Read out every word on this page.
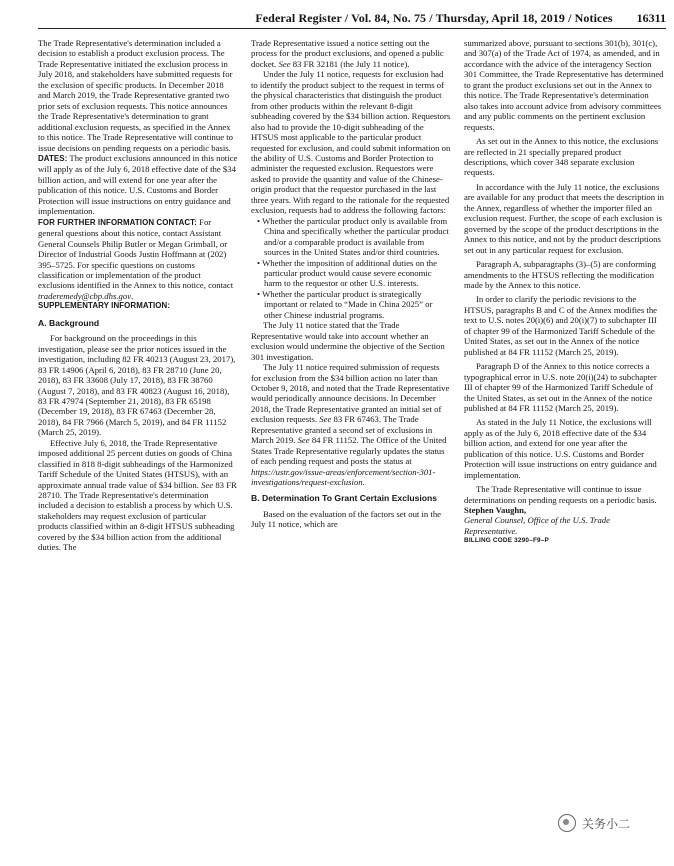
Federal Register / Vol. 84, No. 75 / Thursday, April 18, 2019 / Notices 16311

The Trade Representative's determination included a decision to establish a product exclusion process. The Trade Representative initiated the exclusion process in July 2018, and stakeholders have submitted requests for the exclusion of specific products. In December 2018 and March 2019, the Trade Representative granted two prior sets of exclusion requests. This notice announces the Trade Representative's determination to grant additional exclusion requests, as specified in the Annex to this notice. The Trade Representative will continue to issue decisions on pending requests on a periodic basis.

DATES: The product exclusions announced in this notice will apply as of the July 6, 2018 effective date of the $34 billion action, and will extend for one year after the publication of this notice. U.S. Customs and Border Protection will issue instructions on entry guidance and implementation.

FOR FURTHER INFORMATION CONTACT: For general questions about this notice, contact Assistant General Counsels Philip Butler or Megan Grimball, or Director of Industrial Goods Justin Hoffmann at (202) 395–5725. For specific questions on customs classification or implementation of the product exclusions identified in the Annex to this notice, contact traderemedy@cbp.dhs.gov.

SUPPLEMENTARY INFORMATION:

A. Background

For background on the proceedings in this investigation, please see the prior notices issued in the investigation, including 82 FR 40213 (August 23, 2017), 83 FR 14906 (April 6, 2018), 83 FR 28710 (June 20, 2018), 83 FR 33608 (July 17, 2018), 83 FR 38760 (August 7, 2018), and 83 FR 40823 (August 16, 2018), 83 FR 47974 (September 21, 2018), 83 FR 65198 (December 19, 2018), 83 FR 67463 (December 28, 2018), 84 FR 7966 (March 5, 2019), and 84 FR 11152 (March 25, 2019).

Effective July 6, 2018, the Trade Representative imposed additional 25 percent duties on goods of China classified in 818 8-digit subheadings of the Harmonized Tariff Schedule of the United States (HTSUS), with an approximate annual trade value of $34 billion. See 83 FR 28710. The Trade Representative's determination included a decision to establish a process by which U.S. stakeholders may request exclusion of particular products classified within an 8-digit HTSUS subheading covered by the $34 billion action from the additional duties. The

Trade Representative issued a notice setting out the process for the product exclusions, and opened a public docket. See 83 FR 32181 (the July 11 notice).

Under the July 11 notice, requests for exclusion had to identify the product subject to the request in terms of the physical characteristics that distinguish the product from other products within the relevant 8-digit subheading covered by the $34 billion action. Requestors also had to provide the 10-digit subheading of the HTSUS most applicable to the particular product requested for exclusion, and could submit information on the ability of U.S. Customs and Border Protection to administer the requested exclusion. Requestors were asked to provide the quantity and value of the Chinese-origin product that the requestor purchased in the last three years. With regard to the rationale for the requested exclusion, requests had to address the following factors:

• Whether the particular product only is available from China and specifically whether the particular product and/or a comparable product is available from sources in the United States and/or third countries.

• Whether the imposition of additional duties on the particular product would cause severe economic harm to the requestor or other U.S. interests.

• Whether the particular product is strategically important or related to “Made in China 2025” or other Chinese industrial programs.

The July 11 notice stated that the Trade Representative would take into account whether an exclusion would undermine the objective of the Section 301 investigation.

The July 11 notice required submission of requests for exclusion from the $34 billion action no later than October 9, 2018, and noted that the Trade Representative would periodically announce decisions. In December 2018, the Trade Representative granted an initial set of exclusion requests. See 83 FR 67463. The Trade Representative granted a second set of exclusions in March 2019. See 84 FR 11152. The Office of the United States Trade Representative regularly updates the status of each pending request and posts the status at https://ustr.gov/issue-areas/enforcement/section-301-investigations/request-exclusion.

B. Determination To Grant Certain Exclusions

Based on the evaluation of the factors set out in the July 11 notice, which are

summarized above, pursuant to sections 301(b), 301(c), and 307(a) of the Trade Act of 1974, as amended, and in accordance with the advice of the interagency Section 301 Committee, the Trade Representative has determined to grant the product exclusions set out in the Annex to this notice. The Trade Representative's determination also takes into account advice from advisory committees and any public comments on the pertinent exclusion requests.

As set out in the Annex to this notice, the exclusions are reflected in 21 specially prepared product descriptions, which cover 348 separate exclusion requests.

In accordance with the July 11 notice, the exclusions are available for any product that meets the description in the Annex, regardless of whether the importer filed an exclusion request. Further, the scope of each exclusion is governed by the scope of the product descriptions in the Annex to this notice, and not by the product descriptions set out in any particular request for exclusion.

Paragraph A, subparagraphs (3)–(5) are conforming amendments to the HTSUS reflecting the modification made by the Annex to this notice.

In order to clarify the periodic revisions to the HTSUS, paragraphs B and C of the Annex modifies the text to U.S. notes 20(i)(6) and 20(i)(7) to subchapter III of chapter 99 of the Harmonized Tariff Schedule of the United States, as set out in the Annex of the notice published at 84 FR 11152 (March 25, 2019).

Paragraph D of the Annex to this notice corrects a typographical error in U.S. note 20(i)(24) to subchapter III of chapter 99 of the Harmonized Tariff Schedule of the United States, as set out in the Annex of the notice published at 84 FR 11152 (March 25, 2019).

As stated in the July 11 Notice, the exclusions will apply as of the July 6, 2018 effective date of the $34 billion action, and extend for one year after the publication of this notice. U.S. Customs and Border Protection will issue instructions on entry guidance and implementation.

The Trade Representative will continue to issue determinations on pending requests on a periodic basis.

Stephen Vaughn,

General Counsel, Office of the U.S. Trade Representative.

BILLING CODE 3290–F9–P

关务小二
